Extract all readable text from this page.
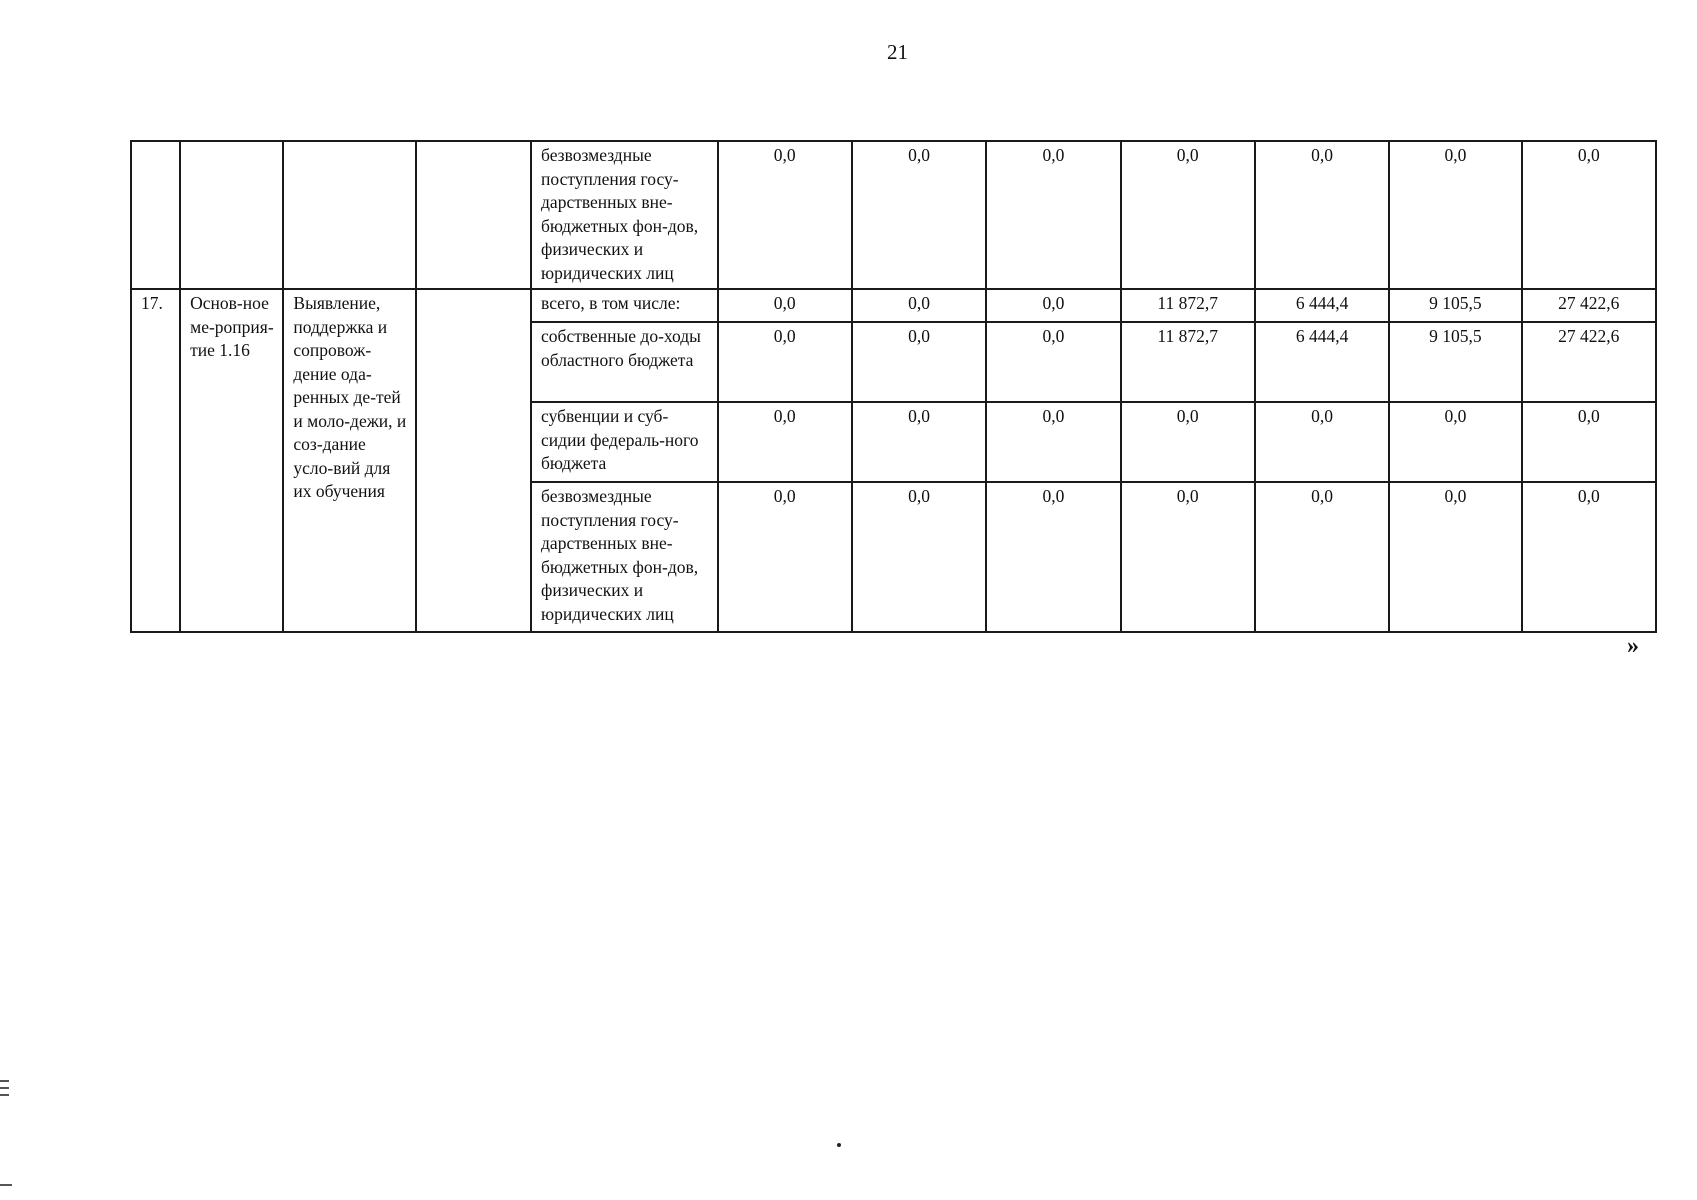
21
				безвозмездные поступления госу-дарственных вне-бюджетных фон-дов, физических и юридических лиц	0,0	0,0	0,0	0,0	0,0	0,0	0,0
17.	Основ-ное ме-роприя-тие 1.16	Выявление, поддержка и сопровож-дение ода-ренных де-тей и моло-дежи, и соз-дание усло-вий для их обучения		всего, в том числе:	0,0	0,0	0,0	11 872,7	6 444,4	9 105,5	27 422,6
				собственные до-ходы областного бюджета	0,0	0,0	0,0	11 872,7	6 444,4	9 105,5	27 422,6
				субвенции и суб-сидии федераль-ного бюджета	0,0	0,0	0,0	0,0	0,0	0,0	0,0
				безвозмездные поступления госу-дарственных вне-бюджетных фон-дов, физических и юридических лиц	0,0	0,0	0,0	0,0	0,0	0,0	0,0
»
